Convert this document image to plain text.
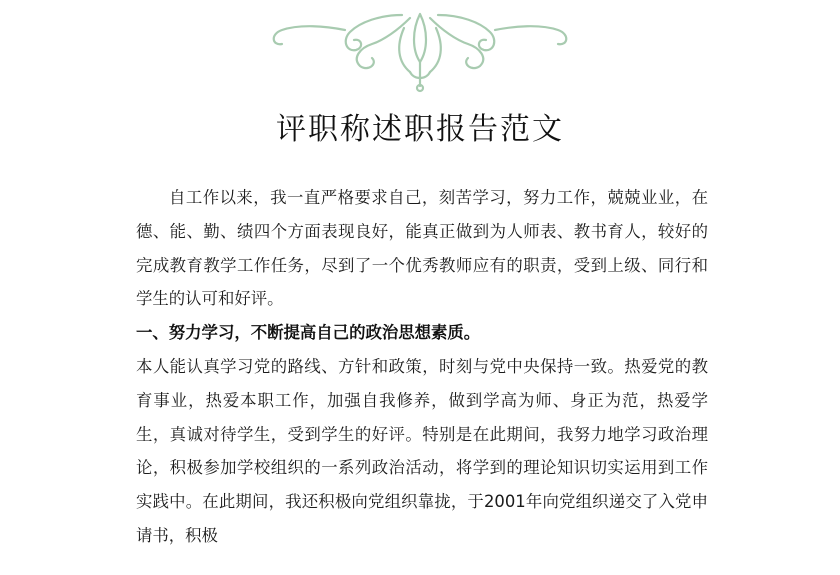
评职称述职报告范文

自工作以来，我一直严格要求自己，刻苦学习，努力工作，兢兢业业，在德、能、勤、绩四个方面表现良好，能真正做到为人师表、教书育人，较好的完成教育教学工作任务，尽到了一个优秀教师应有的职责，受到上级、同行和学生的认可和好评。

一、努力学习，不断提高自己的政治思想素质。

本人能认真学习党的路线、方针和政策，时刻与党中央保持一致。热爱党的教育事业，热爱本职工作，加强自我修养，做到学高为师、身正为范，热爱学生，真诚对待学生，受到学生的好评。特别是在此期间，我努力地学习政治理论，积极参加学校组织的一系列政治活动，将学到的理论知识切实运用到工作实践中。在此期间，我还积极向党组织靠拢，于2001年向党组织递交了入党申请书，积极
